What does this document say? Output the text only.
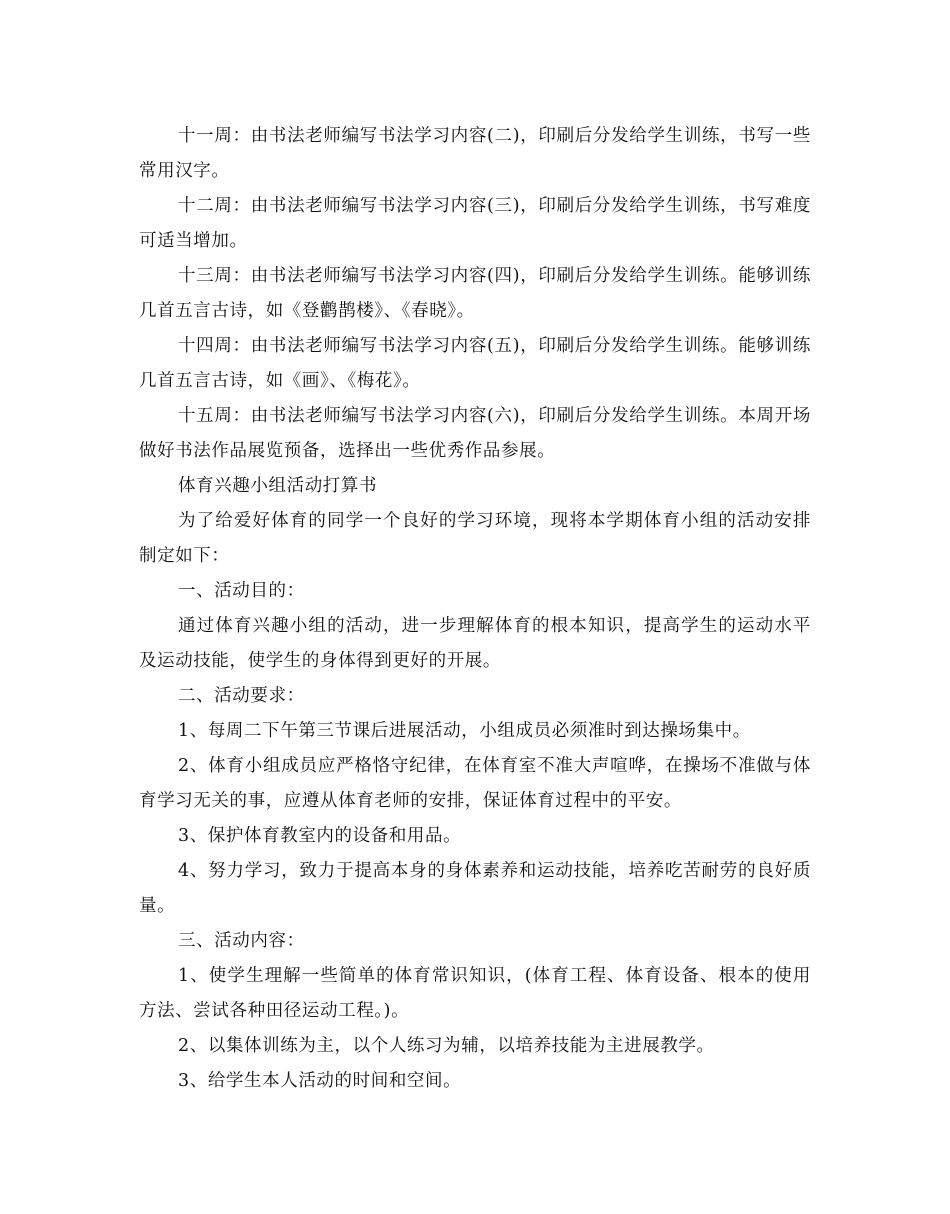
十一周：由书法老师编写书法学习内容(二)，印刷后分发给学生训练，书写一些常用汉字。

十二周：由书法老师编写书法学习内容(三)，印刷后分发给学生训练，书写难度可适当增加。

十三周：由书法老师编写书法学习内容(四)，印刷后分发给学生训练。能够训练几首五言古诗，如《登鹳鹊楼》、《春晓》。

十四周：由书法老师编写书法学习内容(五)，印刷后分发给学生训练。能够训练几首五言古诗，如《画》、《梅花》。

十五周：由书法老师编写书法学习内容(六)，印刷后分发给学生训练。本周开场做好书法作品展览预备，选择出一些优秀作品参展。

体育兴趣小组活动打算书

为了给爱好体育的同学一个良好的学习环境，现将本学期体育小组的活动安排制定如下：

一、活动目的：

通过体育兴趣小组的活动，进一步理解体育的根本知识，提高学生的运动水平及运动技能，使学生的身体得到更好的开展。

二、活动要求：

1、每周二下午第三节课后进展活动，小组成员必须准时到达操场集中。

2、体育小组成员应严格恪守纪律，在体育室不准大声喧哗，在操场不准做与体育学习无关的事，应遵从体育老师的安排，保证体育过程中的平安。

3、保护体育教室内的设备和用品。

4、努力学习，致力于提高本身的身体素养和运动技能，培养吃苦耐劳的良好质量。

三、活动内容：

1、使学生理解一些简单的体育常识知识，(体育工程、体育设备、根本的使用方法、尝试各种田径运动工程。)。

2、以集体训练为主，以个人练习为辅，以培养技能为主进展教学。

3、给学生本人活动的时间和空间。
